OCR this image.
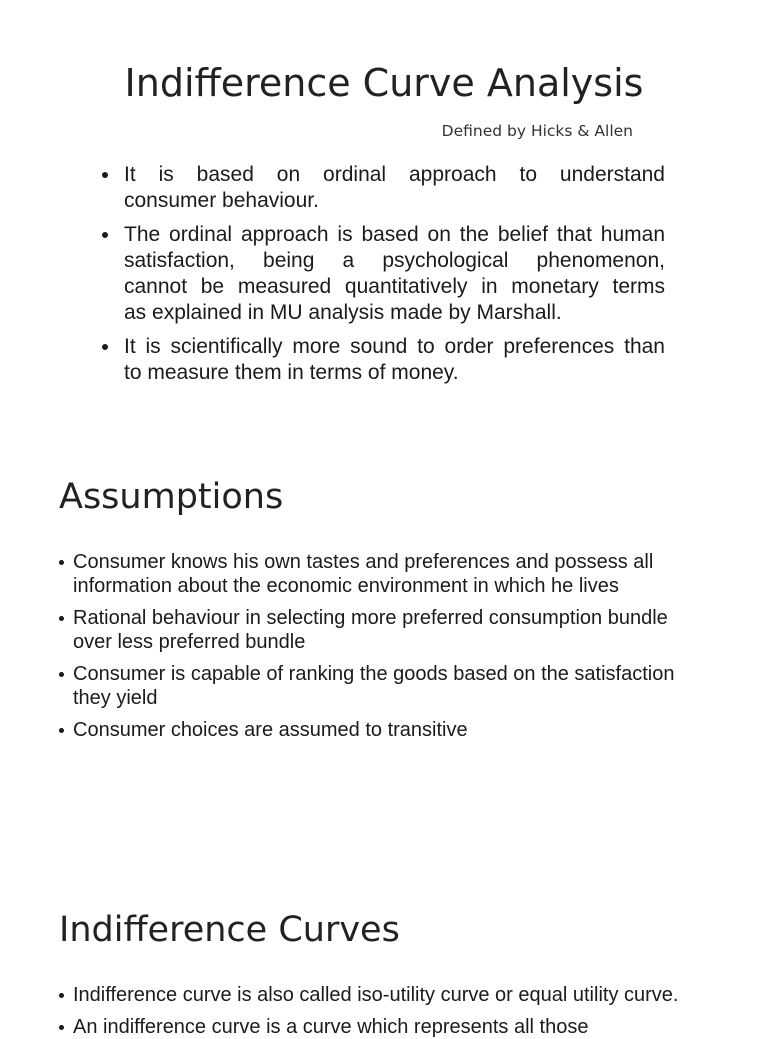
Indifference Curve Analysis
Defined by Hicks & Allen
It is based on ordinal approach to understand
consumer behaviour.
The ordinal approach is based on the belief that human
satisfaction, being a psychological phenomenon,
cannot be measured quantitatively in monetary terms
as explained in MU analysis made by Marshall.
It is scientifically more sound to order preferences than
to measure them in terms of money.
Assumptions
Consumer knows his own tastes and preferences and possess all
information about the economic environment in which he lives
Rational behaviour in selecting more preferred consumption bundle
over less preferred bundle
Consumer is capable of ranking the goods based on the satisfaction
they yield
Consumer choices are assumed to transitive
Indifference Curves
Indifference curve is also called iso-utility curve or equal utility curve.
An indifference curve is a curve which represents all those
